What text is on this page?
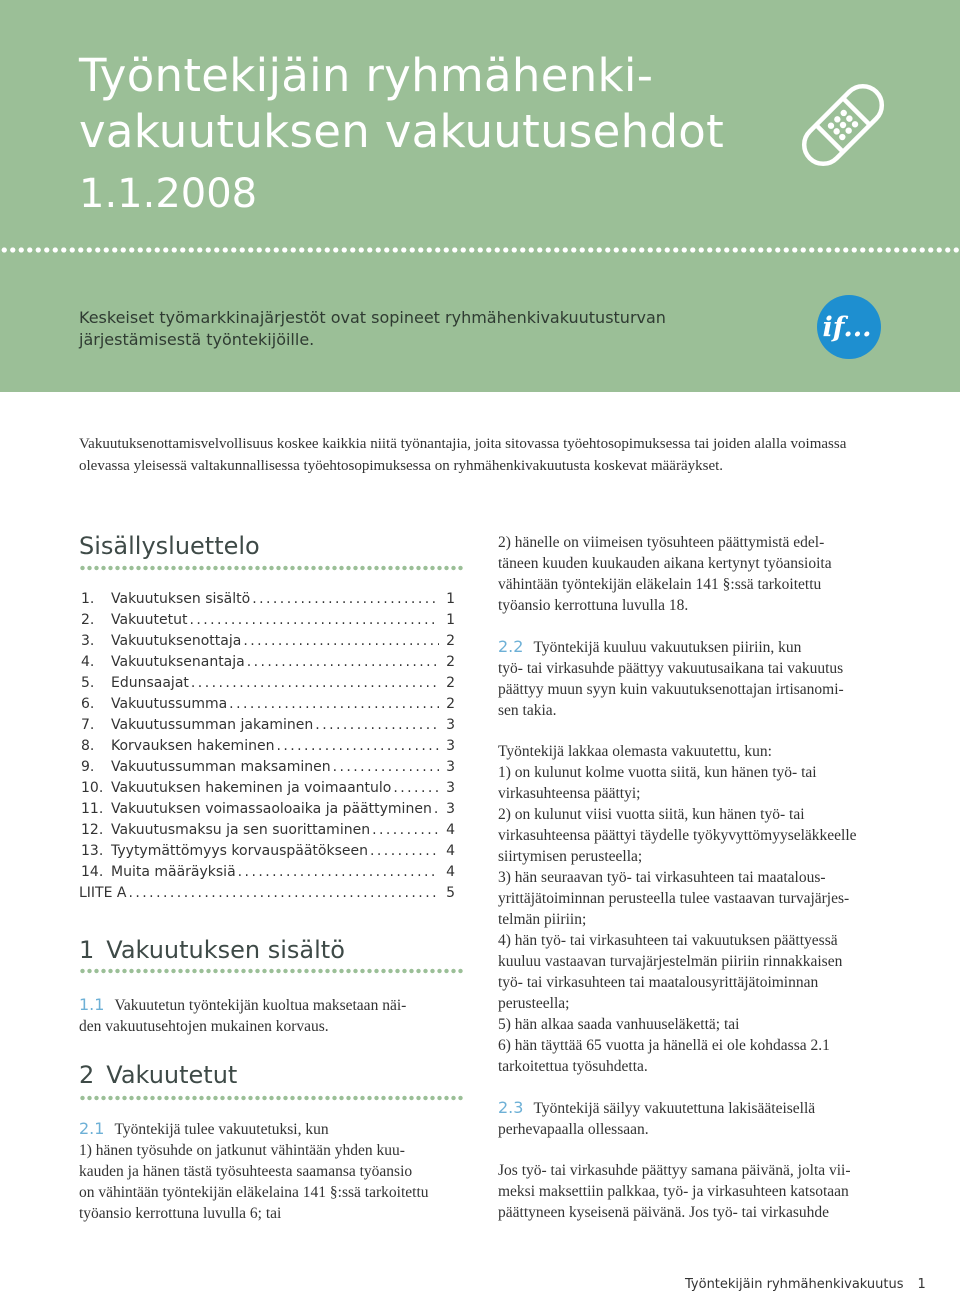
Työntekijäin ryhmähenki-
vakuutuksen vakuutusehdot
1.1.2008
Keskeiset työmarkkinajärjestöt ovat sopineet ryhmähenkivakuutusturvan
järjestämisestä työntekijöille.	if...
Vakuutuksenottamisvelvollisuus koskee kaikkia niitä työnantajia, joita sitovassa työehtosopimuksessa tai joiden alalla voimassa olevassa yleisessä valtakunnallisessa työehtosopimuksessa on ryhmähenkivakuutusta koskevat määräykset.
Sisällysluettelo
1.	Vakuutuksen sisältö . . .	1
2.	Vakuutetut . . .	1
3.	Vakuutuksenottaja . . .	2
4.	Vakuutuksenantaja . . .	2
5.	Edunsaajat . . .	2
6.	Vakuutussumma . . .	2
7.	Vakuutussumman jakaminen . . .	3
8.	Korvauksen hakeminen . . .	3
9.	Vakuutussumman maksaminen . . .	3
10. Vakuutuksen hakeminen ja voimaantulo . . .	3
11. Vakuutuksen voimassaoloaika ja päättyminen . . . 3
12. Vakuutusmaksu ja sen suorittaminen . . .	4
13. Tyytymättömyys korvauspäätökseen . . .	4
14. Muita määräyksiä . . .	4
LIITE A . . .	5
1 Vakuutuksen sisältö
1.1 Vakuutetun työntekijän kuoltua maksetaan näi-
den vakuutusehtojen mukainen korvaus.
2 Vakuutetut
2.1 Työntekijä tulee vakuutetuksi, kun
1) hänen työsuhde on jatkunut vähintään yhden kuu-
kauden ja hänen tästä työsuhteesta saamansa työansio
on vähintään työntekijän eläkelaina 141 §:ssä tarkoitettu
työansio kerrottuna luvulla 6; tai
2) hänelle on viimeisen työsuhteen päättymistä edel-
täneen kuuden kuukauden aikana kertynyt työansioita
vähintään työntekijän eläkelain 141 §:ssä tarkoitettu
työansio kerrottuna luvulla 18.
2.2 Työntekijä kuuluu vakuutuksen piiriin, kun
työ- tai virkasuhde päättyy vakuutusaikana tai vakuutus
päättyy muun syyn kuin vakuutuksenottajan irtisanomi-
sen takia.
Työntekijä lakkaa olemasta vakuutettu, kun:
1) on kulunut kolme vuotta siitä, kun hänen työ- tai
virkasuhteensa päättyi;
2) on kulunut viisi vuotta siitä, kun hänen työ- tai
virkasuhteensa päättyi täydelle työkyvyttömyyseläkkeelle
siirtymisen perusteella;
3) hän seuraavan työ- tai virkasuhteen tai maatalous-
yrittäjätoiminnan perusteella tulee vastaavan turvajärjes-
telmän piiriin;
4) hän työ- tai virkasuhteen tai vakuutuksen päättyessä
kuuluu vastaavan turvajärjestelmän piiriin rinnakkaisen
työ- tai virkasuhteen tai maatalousyrittäjätoiminnan
perusteella;
5) hän alkaa saada vanhuuseläkettä; tai
6) hän täyttää 65 vuotta ja hänellä ei ole kohdassa 2.1
tarkoitettua työsuhdetta.
2.3 Työntekijä säilyy vakuutettuna lakisääteisellä
perhevapaalla ollessaan.
Jos työ- tai virkasuhde päättyy samana päivänä, jolta vii-
meksi maksettiin palkkaa, työ- ja virkasuhteen katsotaan
päättyneen kyseisenä päivänä. Jos työ- tai virkasuhde
Työntekijäin ryhmähenkivakuutus 1
